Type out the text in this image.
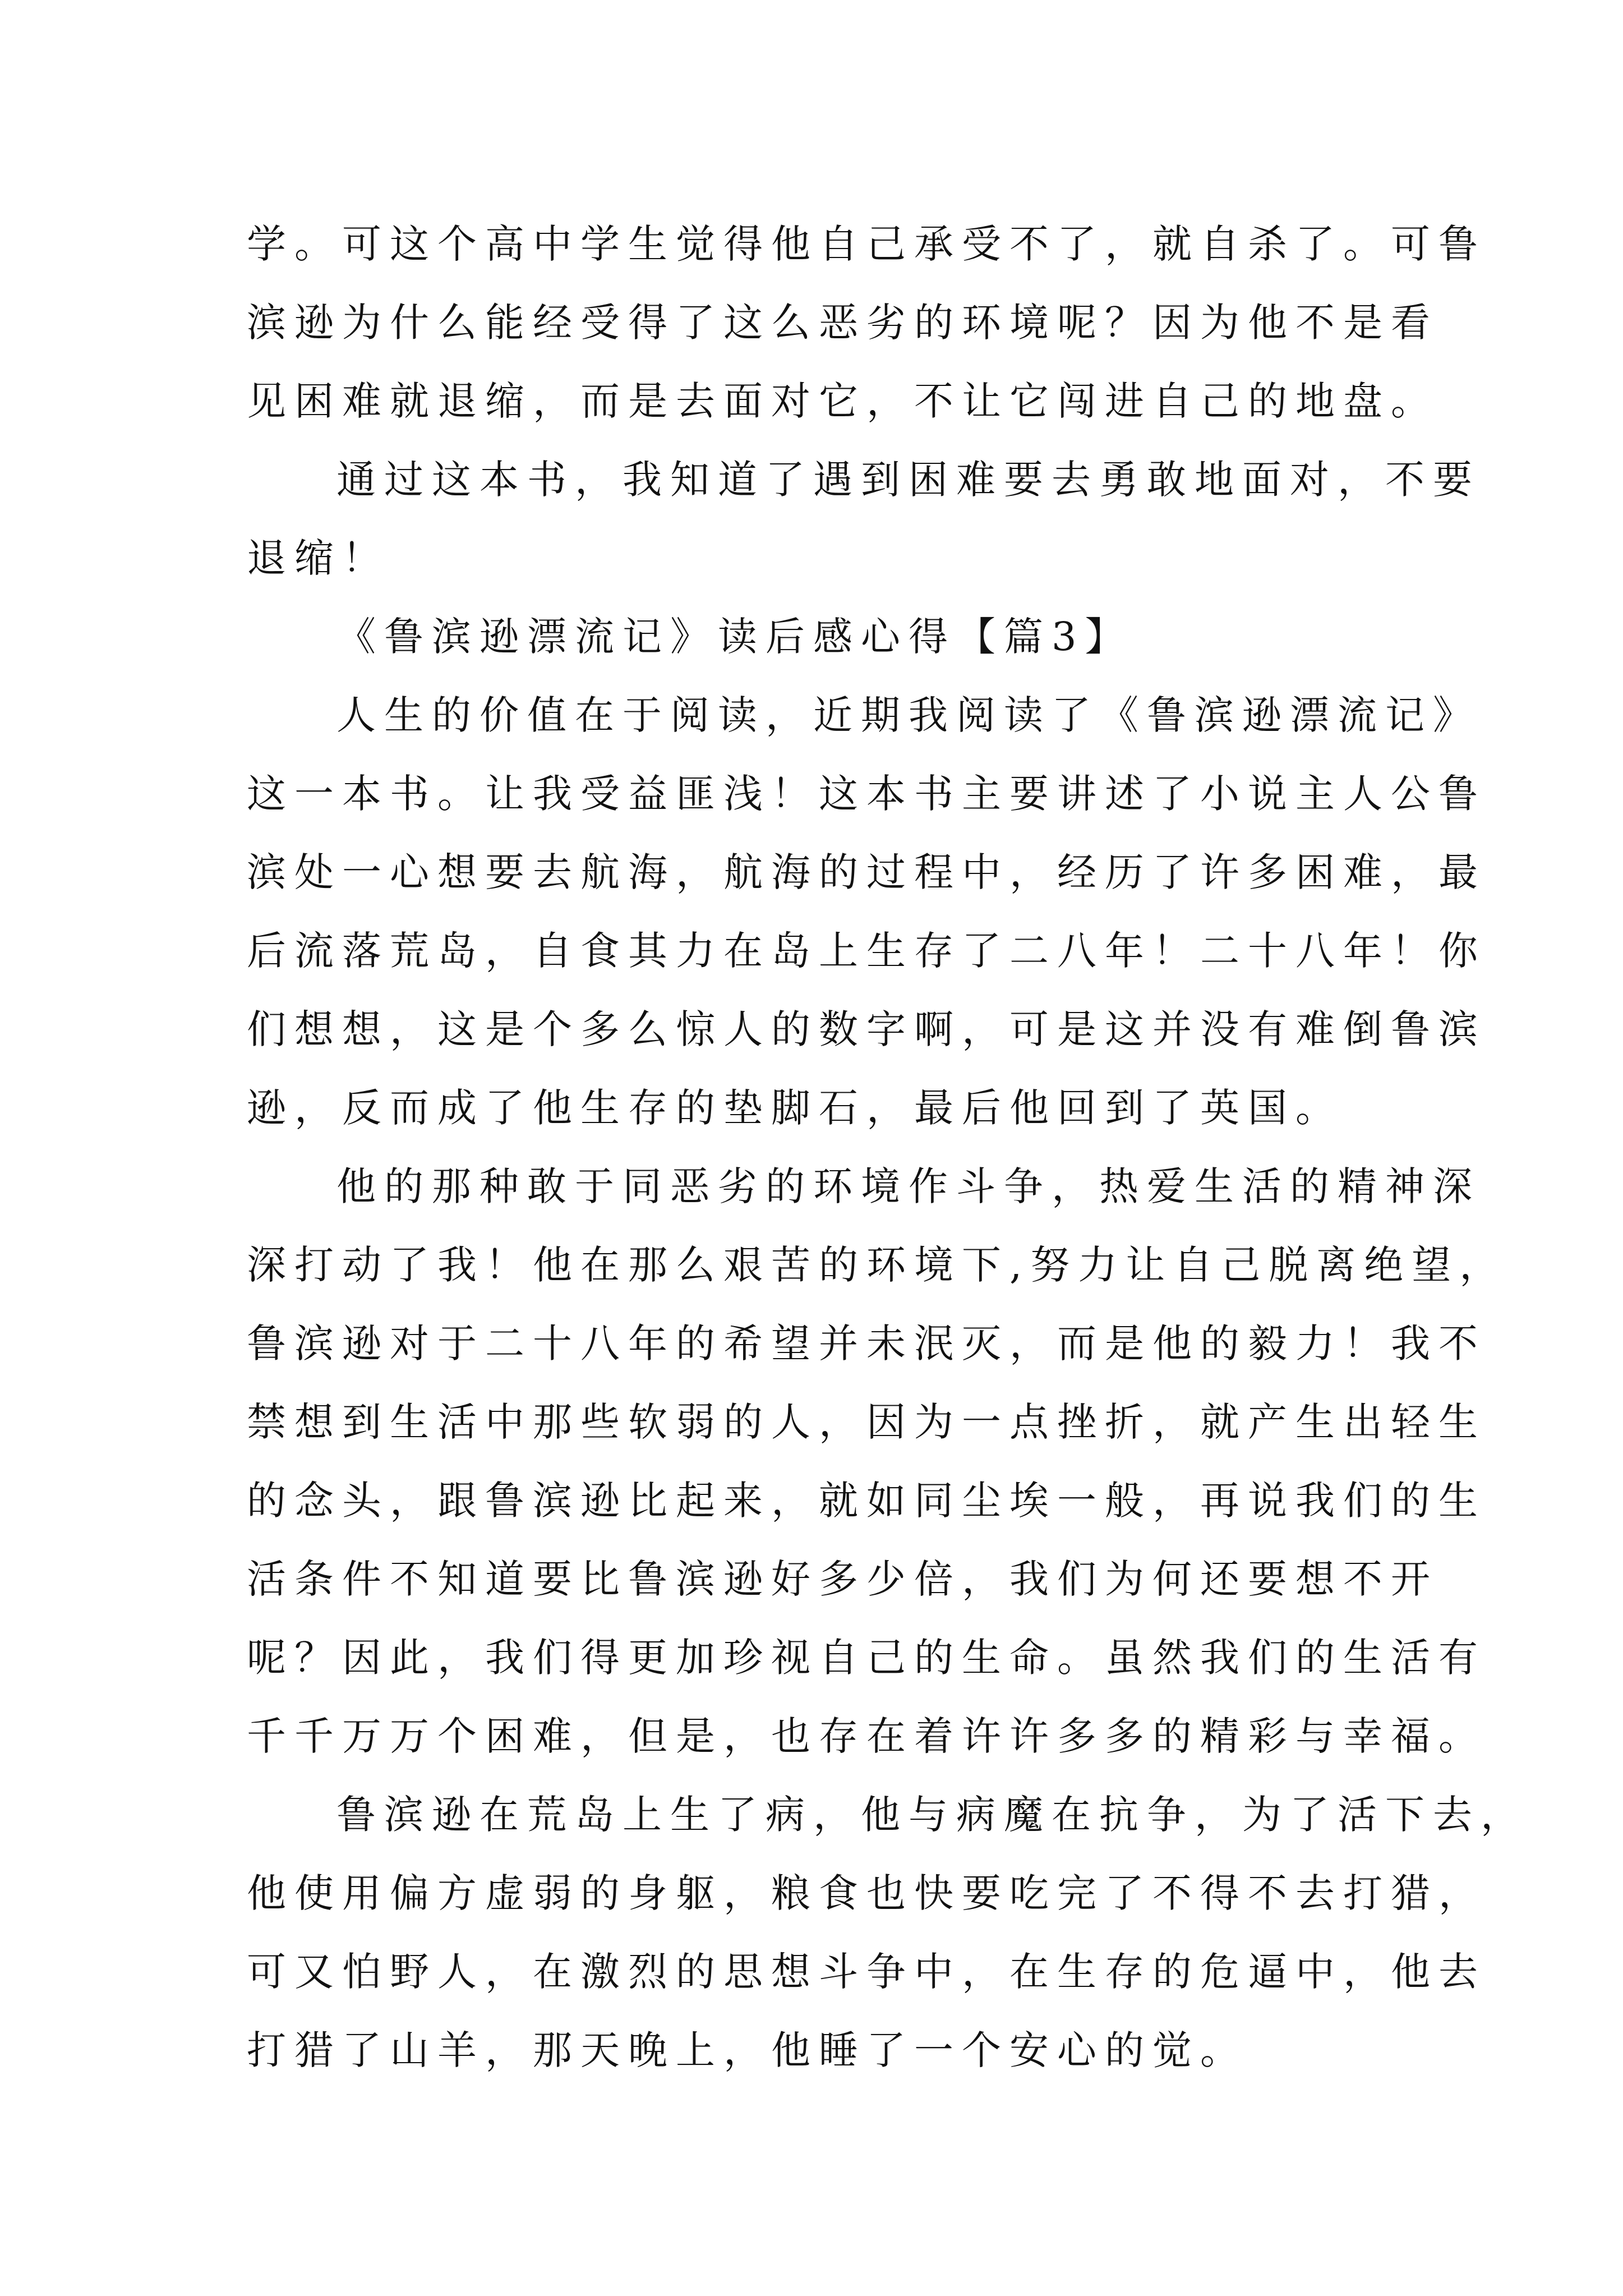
学。可这个高中学生觉得他自己承受不了，就自杀了。可鲁
滨逊为什么能经受得了这么恶劣的环境呢？因为他不是看
见困难就退缩，而是去面对它，不让它闯进自己的地盘。
通过这本书，我知道了遇到困难要去勇敢地面对，不要
退缩！
《鲁滨逊漂流记》读后感心得【篇3】
人生的价值在于阅读，近期我阅读了《鲁滨逊漂流记》
这一本书。让我受益匪浅！这本书主要讲述了小说主人公鲁
滨处一心想要去航海，航海的过程中，经历了许多困难，最
后流落荒岛，自食其力在岛上生存了二八年！二十八年！你
们想想，这是个多么惊人的数字啊，可是这并没有难倒鲁滨
逊，反而成了他生存的垫脚石，最后他回到了英国。
他的那种敢于同恶劣的环境作斗争，热爱生活的精神深
深打动了我！他在那么艰苦的环境下,努力让自己脱离绝望，
鲁滨逊对于二十八年的希望并未泯灭，而是他的毅力！我不
禁想到生活中那些软弱的人，因为一点挫折，就产生出轻生
的念头，跟鲁滨逊比起来，就如同尘埃一般，再说我们的生
活条件不知道要比鲁滨逊好多少倍，我们为何还要想不开
呢？因此，我们得更加珍视自己的生命。虽然我们的生活有
千千万万个困难，但是，也存在着许许多多的精彩与幸福。
鲁滨逊在荒岛上生了病，他与病魔在抗争，为了活下去，
他使用偏方虚弱的身躯，粮食也快要吃完了不得不去打猎，
可又怕野人，在激烈的思想斗争中，在生存的危逼中，他去
打猎了山羊，那天晚上，他睡了一个安心的觉。
